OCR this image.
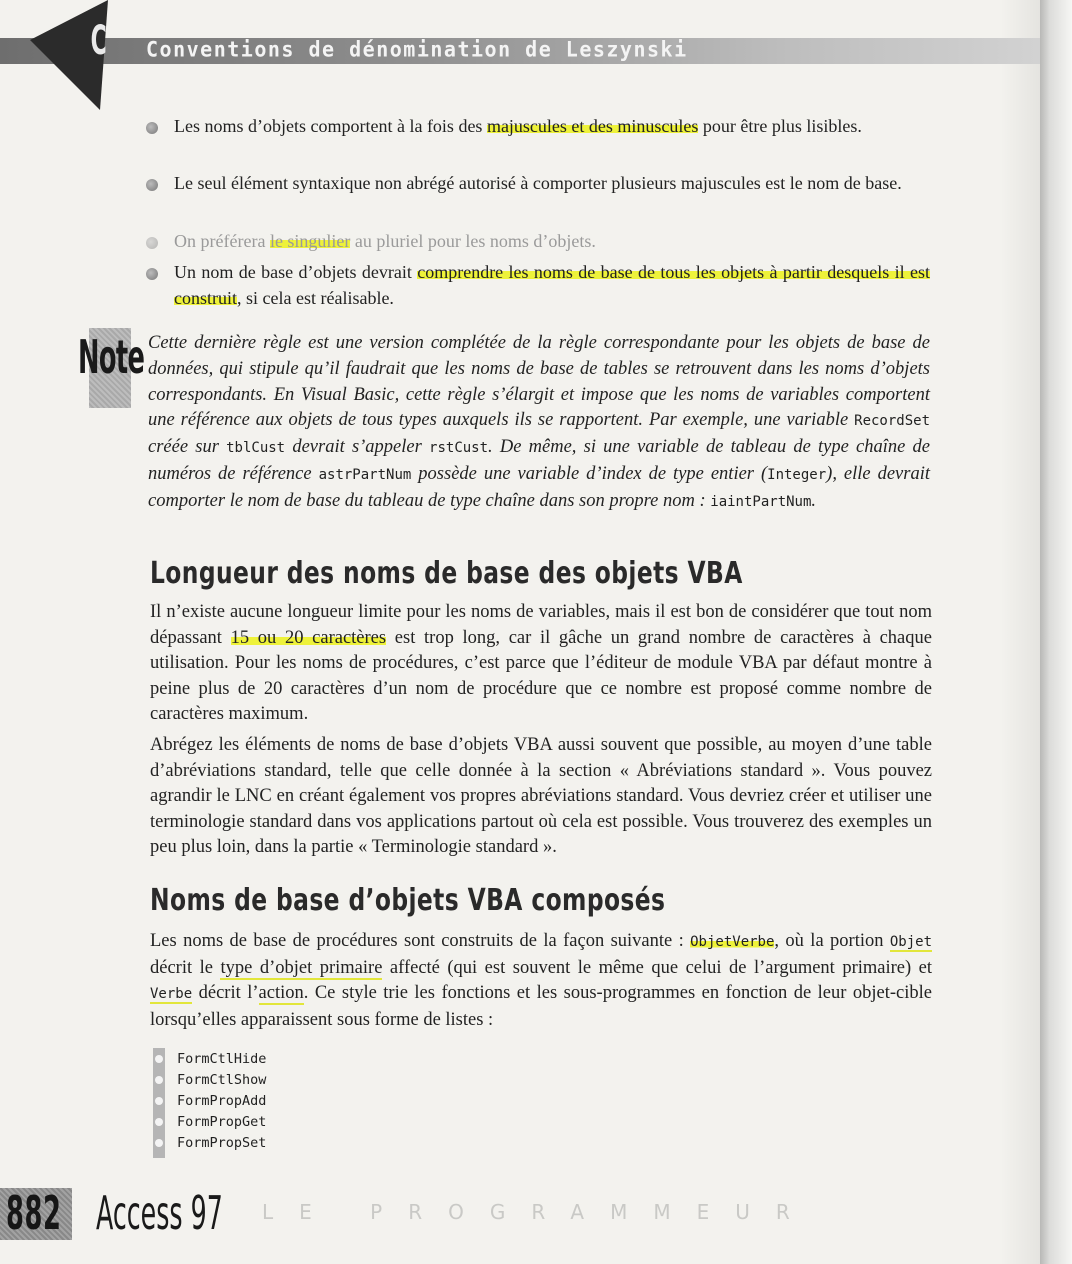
C Conventions de dénomination de Leszynski
Les noms d’objets comportent à la fois des majuscules et des minuscules pour être plus lisibles.
Le seul élément syntaxique non abrégé autorisé à comporter plusieurs majuscules est le nom de base.
On préférera le singulier au pluriel pour les noms d’objets.
Un nom de base d’objets devrait comprendre les noms de base de tous les objets à partir desquels il est construit, si cela est réalisable.
Note Cette dernière règle est une version complétée de la règle correspondante pour les objets de base de données, qui stipule qu’il faudrait que les noms de base de tables se retrouvent dans les noms d’objets correspondants. En Visual Basic, cette règle s’élargit et impose que les noms de variables comportent une référence aux objets de tous types auxquels ils se rapportent. Par exemple, une variable RecordSet créée sur tblCust devrait s’appeler rstCust. De même, si une variable de tableau de type chaîne de numéros de référence astrPartNum possède une variable d’index de type entier (Integer), elle devrait comporter le nom de base du tableau de type chaîne dans son propre nom : iaintPartNum.
Longueur des noms de base des objets VBA
Il n’existe aucune longueur limite pour les noms de variables, mais il est bon de considérer que tout nom dépassant 15 ou 20 caractères est trop long, car il gâche un grand nombre de caractères à chaque utilisation. Pour les noms de procédures, c’est parce que l’éditeur de module VBA par défaut montre à peine plus de 20 caractères d’un nom de procédure que ce nombre est proposé comme nombre de caractères maximum.
Abrégez les éléments de noms de base d’objets VBA aussi souvent que possible, au moyen d’une table d’abréviations standard, telle que celle donnée à la section « Abréviations standard ». Vous pouvez agrandir le LNC en créant également vos propres abréviations standard. Vous devriez créer et utiliser une terminologie standard dans vos applications partout où cela est possible. Vous trouverez des exemples un peu plus loin, dans la partie « Terminologie standard ».
Noms de base d’objets VBA composés
Les noms de base de procédures sont construits de la façon suivante : ObjetVerbe, où la portion Objet décrit le type d’objet primaire affecté (qui est souvent le même que celui de l’argument primaire) et Verbe décrit l’action. Ce style trie les fonctions et les sous-programmes en fonction de leur objet-cible lorsqu’elles apparaissent sous forme de listes :
FormCtlHide
FormCtlShow
FormPropAdd
FormPropGet
FormPropSet
882 Access 97 LE PROGRAMMEUR
